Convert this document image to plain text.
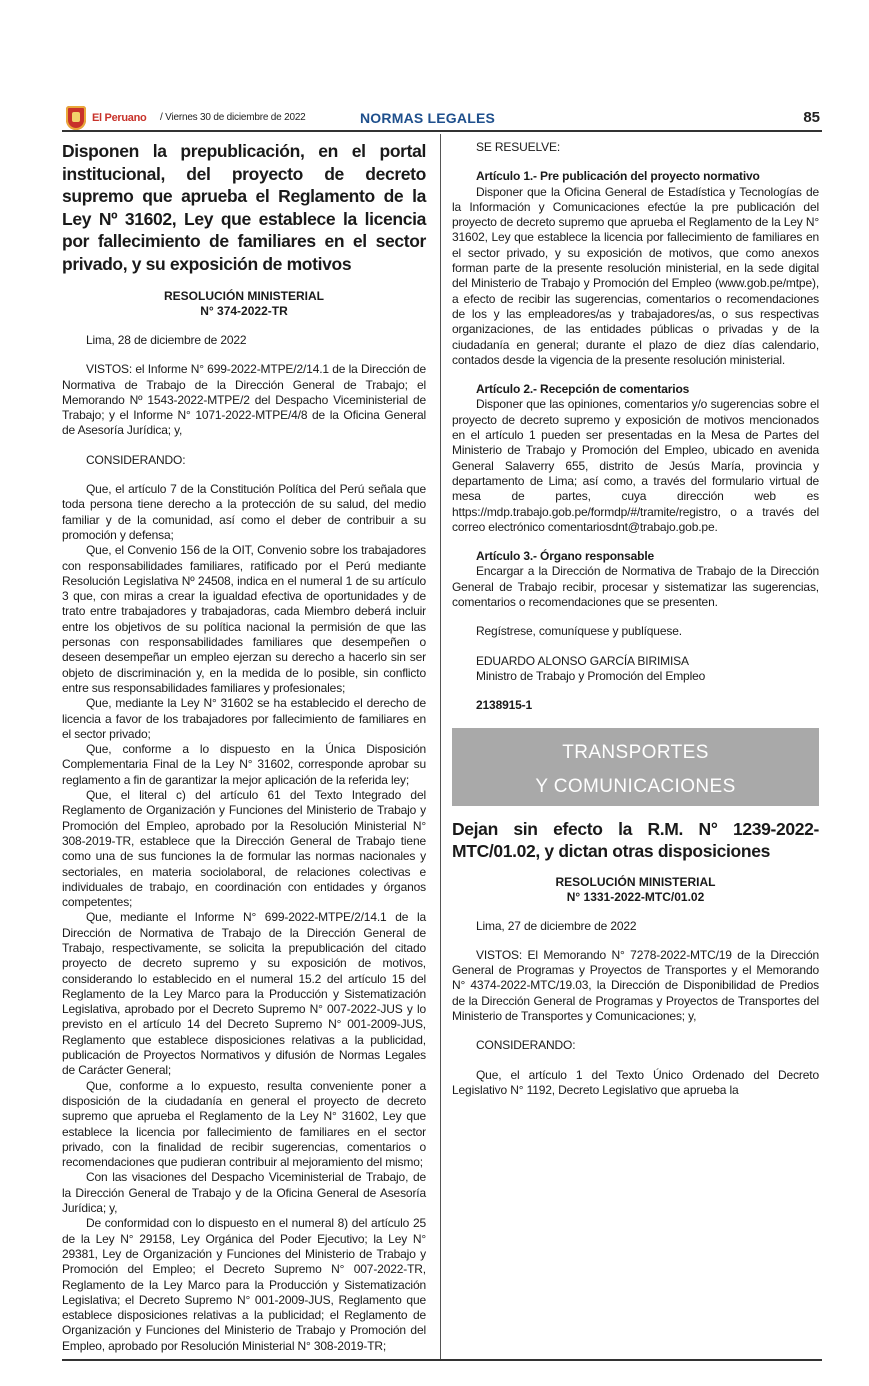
El Peruano / Viernes 30 de diciembre de 2022	NORMAS LEGALES	85

Disponen la prepublicación, en el portal institucional, del proyecto de decreto supremo que aprueba el Reglamento de la Ley Nº 31602, Ley que establece la licencia por fallecimiento de familiares en el sector privado, y su exposición de motivos

RESOLUCIÓN MINISTERIAL
N° 374-2022-TR

Lima, 28 de diciembre de 2022

VISTOS: el Informe N° 699-2022-MTPE/2/14.1 de la Dirección de Normativa de Trabajo de la Dirección General de Trabajo; el Memorando Nº 1543-2022-MTPE/2 del Despacho Viceministerial de Trabajo; y el Informe N° 1071-2022-MTPE/4/8 de la Oficina General de Asesoría Jurídica; y,

CONSIDERANDO:

Que, el artículo 7 de la Constitución Política del Perú señala que toda persona tiene derecho a la protección de su salud, del medio familiar y de la comunidad, así como el deber de contribuir a su promoción y defensa;

Que, el Convenio 156 de la OIT, Convenio sobre los trabajadores con responsabilidades familiares, ratificado por el Perú mediante Resolución Legislativa Nº 24508, indica en el numeral 1 de su artículo 3 que, con miras a crear la igualdad efectiva de oportunidades y de trato entre trabajadores y trabajadoras, cada Miembro deberá incluir entre los objetivos de su política nacional la permisión de que las personas con responsabilidades familiares que desempeñen o deseen desempeñar un empleo ejerzan su derecho a hacerlo sin ser objeto de discriminación y, en la medida de lo posible, sin conflicto entre sus responsabilidades familiares y profesionales;

Que, mediante la Ley N° 31602 se ha establecido el derecho de licencia a favor de los trabajadores por fallecimiento de familiares en el sector privado;

Que, conforme a lo dispuesto en la Única Disposición Complementaria Final de la Ley N° 31602, corresponde aprobar su reglamento a fin de garantizar la mejor aplicación de la referida ley;

Que, el literal c) del artículo 61 del Texto Integrado del Reglamento de Organización y Funciones del Ministerio de Trabajo y Promoción del Empleo, aprobado por la Resolución Ministerial N° 308-2019-TR, establece que la Dirección General de Trabajo tiene como una de sus funciones la de formular las normas nacionales y sectoriales, en materia sociolaboral, de relaciones colectivas e individuales de trabajo, en coordinación con entidades y órganos competentes;

Que, mediante el Informe N° 699-2022-MTPE/2/14.1 de la Dirección de Normativa de Trabajo de la Dirección General de Trabajo, respectivamente, se solicita la prepublicación del citado proyecto de decreto supremo y su exposición de motivos, considerando lo establecido en el numeral 15.2 del artículo 15 del Reglamento de la Ley Marco para la Producción y Sistematización Legislativa, aprobado por el Decreto Supremo N° 007-2022-JUS y lo previsto en el artículo 14 del Decreto Supremo N° 001-2009-JUS, Reglamento que establece disposiciones relativas a la publicidad, publicación de Proyectos Normativos y difusión de Normas Legales de Carácter General;

Que, conforme a lo expuesto, resulta conveniente poner a disposición de la ciudadanía en general el proyecto de decreto supremo que aprueba el Reglamento de la Ley N° 31602, Ley que establece la licencia por fallecimiento de familiares en el sector privado, con la finalidad de recibir sugerencias, comentarios o recomendaciones que pudieran contribuir al mejoramiento del mismo;

Con las visaciones del Despacho Viceministerial de Trabajo, de la Dirección General de Trabajo y de la Oficina General de Asesoría Jurídica; y,

De conformidad con lo dispuesto en el numeral 8) del artículo 25 de la Ley N° 29158, Ley Orgánica del Poder Ejecutivo; la Ley N° 29381, Ley de Organización y Funciones del Ministerio de Trabajo y Promoción del Empleo; el Decreto Supremo N° 007-2022-TR, Reglamento de la Ley Marco para la Producción y Sistematización Legislativa; el Decreto Supremo N° 001-2009-JUS, Reglamento que establece disposiciones relativas a la publicidad; el Reglamento de Organización y Funciones del Ministerio de Trabajo y Promoción del Empleo, aprobado por Resolución Ministerial N° 308-2019-TR;

SE RESUELVE:

Artículo 1.- Pre publicación del proyecto normativo

Disponer que la Oficina General de Estadística y Tecnologías de la Información y Comunicaciones efectúe la pre publicación del proyecto de decreto supremo que aprueba el Reglamento de la Ley N° 31602, Ley que establece la licencia por fallecimiento de familiares en el sector privado, y su exposición de motivos, que como anexos forman parte de la presente resolución ministerial, en la sede digital del Ministerio de Trabajo y Promoción del Empleo (www.gob.pe/mtpe), a efecto de recibir las sugerencias, comentarios o recomendaciones de los y las empleadores/as y trabajadores/as, o sus respectivas organizaciones, de las entidades públicas o privadas y de la ciudadanía en general; durante el plazo de diez días calendario, contados desde la vigencia de la presente resolución ministerial.

Artículo 2.- Recepción de comentarios

Disponer que las opiniones, comentarios y/o sugerencias sobre el proyecto de decreto supremo y exposición de motivos mencionados en el artículo 1 pueden ser presentadas en la Mesa de Partes del Ministerio de Trabajo y Promoción del Empleo, ubicado en avenida General Salaverry 655, distrito de Jesús María, provincia y departamento de Lima; así como, a través del formulario virtual de mesa de partes, cuya dirección web es https://mdp.trabajo.gob.pe/formdp/#/tramite/registro, o a través del correo electrónico comentariosdnt@trabajo.gob.pe.

Artículo 3.- Órgano responsable

Encargar a la Dirección de Normativa de Trabajo de la Dirección General de Trabajo recibir, procesar y sistematizar las sugerencias, comentarios o recomendaciones que se presenten.

Regístrese, comuníquese y publíquese.

EDUARDO ALONSO GARCÍA BIRIMISA

Ministro de Trabajo y Promoción del Empleo

2138915-1

TRANSPORTES
Y COMUNICACIONES

Dejan sin efecto la R.M. N° 1239-2022-MTC/01.02, y dictan otras disposiciones

RESOLUCIÓN MINISTERIAL
N° 1331-2022-MTC/01.02

Lima, 27 de diciembre de 2022

VISTOS: El Memorando N° 7278-2022-MTC/19 de la Dirección General de Programas y Proyectos de Transportes y el Memorando N° 4374-2022-MTC/19.03, la Dirección de Disponibilidad de Predios de la Dirección General de Programas y Proyectos de Transportes del Ministerio de Transportes y Comunicaciones; y,

CONSIDERANDO:

Que, el artículo 1 del Texto Único Ordenado del Decreto Legislativo N° 1192, Decreto Legislativo que aprueba la
